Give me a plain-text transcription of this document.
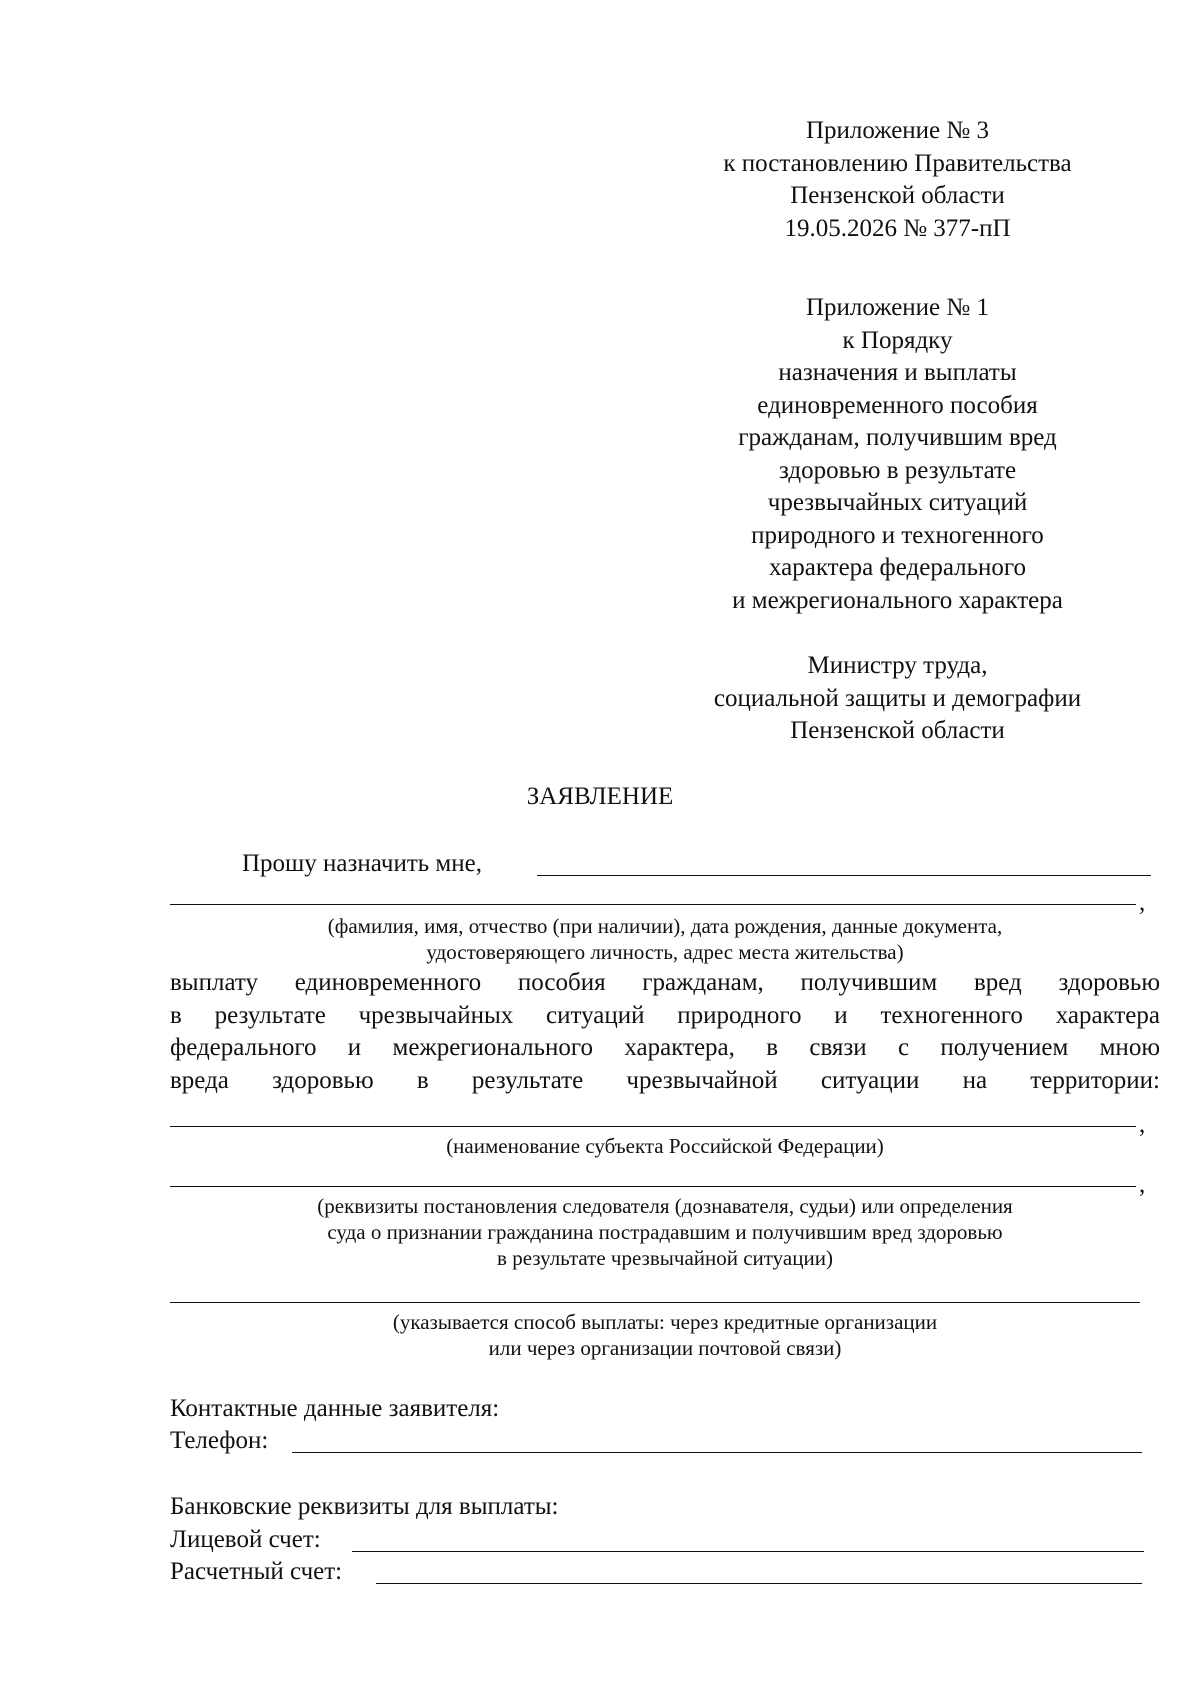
Приложение № 3
к постановлению Правительства
Пензенской области
19.05.2026 № 377-пП
Приложение № 1
к Порядку
назначения и выплаты
единовременного пособия
гражданам, получившим вред
здоровью в результате
чрезвычайных ситуаций
природного и техногенного
характера федерального
и межрегионального характера
Министру труда,
социальной защиты и демографии
Пензенской области
ЗАЯВЛЕНИЕ
Прошу назначить мне,
,
(фамилия, имя, отчество (при наличии), дата рождения, данные документа,
удостоверяющего личность, адрес места жительства)
выплату единовременного пособия гражданам, получившим вред здоровью
в результате чрезвычайных ситуаций природного и техногенного характера
федерального и межрегионального характера, в связи с получением мною
вреда здоровью в результате чрезвычайной ситуации на территории:
,
(наименование субъекта Российской Федерации)
,
(реквизиты постановления следователя (дознавателя, судьи) или определения
суда о признании гражданина пострадавшим и получившим вред здоровью
в результате чрезвычайной ситуации)
(указывается способ выплаты: через кредитные организации
или через организации почтовой связи)
Контактные данные заявителя:
Телефон:
Банковские реквизиты для выплаты:
Лицевой счет:
Расчетный счет:
